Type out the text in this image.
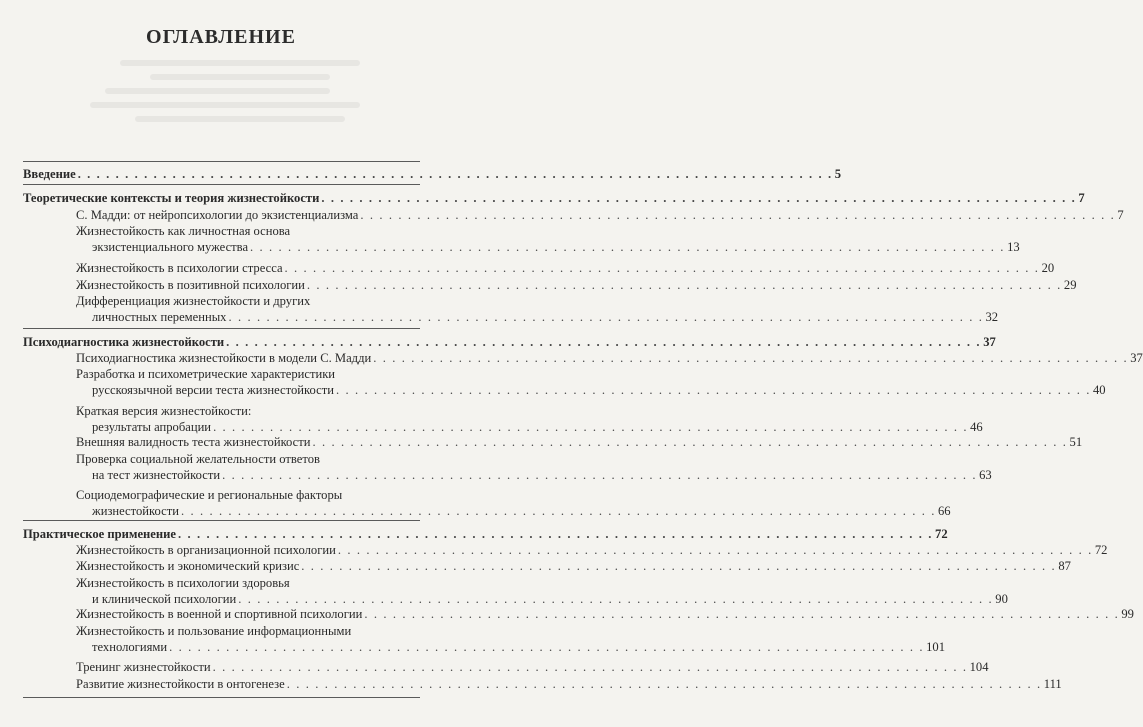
ОГЛАВЛЕНИЕ
Введение . . . . . . . . . . . . . . . . . . . . . . . . . . . . . . . . . . . . . . . . . . . . . . . . . . . . . . . . . . . . . . . . . . . . . . . . . . . . . . . . 5
Теоретические контексты и теория жизнестойкости . . . . . . . . . . . . . . . . . . . . . . . . . . . . . . . . . . . . . . . . . . . . . . . . . . . . . . . . . . . . . . . . . . . . . . . . . . . . . . . . 7
С. Мадди: от нейропсихологии до экзистенциализма . . . . . . . . . . . . . . . . . . . . . . . . . . . . . . . . . . . . . . . . . . . . . . . . . . . . . . . . . . . . . . . . . . . . . . . . . . . . . . . . 7
Жизнестойкость как личностная основа
экзистенциального мужества . . . . . . . . . . . . . . . . . . . . . . . . . . . . . . . . . . . . . . . . . . . . . . . . . . . . . . . . . . . . . . . . . . . . . . . . . . . . . . . . 13
Жизнестойкость в психологии стресса . . . . . . . . . . . . . . . . . . . . . . . . . . . . . . . . . . . . . . . . . . . . . . . . . . . . . . . . . . . . . . . . . . . . . . . . . . . . . . . . 20
Жизнестойкость в позитивной психологии . . . . . . . . . . . . . . . . . . . . . . . . . . . . . . . . . . . . . . . . . . . . . . . . . . . . . . . . . . . . . . . . . . . . . . . . . . . . . . . . 29
Дифференциация жизнестойкости и других
личностных переменных . . . . . . . . . . . . . . . . . . . . . . . . . . . . . . . . . . . . . . . . . . . . . . . . . . . . . . . . . . . . . . . . . . . . . . . . . . . . . . . . 32
Психодиагностика жизнестойкости . . . . . . . . . . . . . . . . . . . . . . . . . . . . . . . . . . . . . . . . . . . . . . . . . . . . . . . . . . . . . . . . . . . . . . . . . . . . . . . . 37
Психодиагностика жизнестойкости в модели С. Мадди . . . . . . . . . . . . . . . . . . . . . . . . . . . . . . . . . . . . . . . . . . . . . . . . . . . . . . . . . . . . . . . . . . . . . . . . . . . . . . . . 37
Разработка и психометрические характеристики
русскоязычной версии теста жизнестойкости . . . . . . . . . . . . . . . . . . . . . . . . . . . . . . . . . . . . . . . . . . . . . . . . . . . . . . . . . . . . . . . . . . . . . . . . . . . . . . . . 40
Краткая версия жизнестойкости:
результаты апробации . . . . . . . . . . . . . . . . . . . . . . . . . . . . . . . . . . . . . . . . . . . . . . . . . . . . . . . . . . . . . . . . . . . . . . . . . . . . . . . . 46
Внешняя валидность теста жизнестойкости . . . . . . . . . . . . . . . . . . . . . . . . . . . . . . . . . . . . . . . . . . . . . . . . . . . . . . . . . . . . . . . . . . . . . . . . . . . . . . . . 51
Проверка социальной желательности ответов
на тест жизнестойкости . . . . . . . . . . . . . . . . . . . . . . . . . . . . . . . . . . . . . . . . . . . . . . . . . . . . . . . . . . . . . . . . . . . . . . . . . . . . . . . . 63
Социодемографические и региональные факторы
жизнестойкости . . . . . . . . . . . . . . . . . . . . . . . . . . . . . . . . . . . . . . . . . . . . . . . . . . . . . . . . . . . . . . . . . . . . . . . . . . . . . . . . 66
Практическое применение . . . . . . . . . . . . . . . . . . . . . . . . . . . . . . . . . . . . . . . . . . . . . . . . . . . . . . . . . . . . . . . . . . . . . . . . . . . . . . . . 72
Жизнестойкость в организационной психологии . . . . . . . . . . . . . . . . . . . . . . . . . . . . . . . . . . . . . . . . . . . . . . . . . . . . . . . . . . . . . . . . . . . . . . . . . . . . . . . . 72
Жизнестойкость и экономический кризис . . . . . . . . . . . . . . . . . . . . . . . . . . . . . . . . . . . . . . . . . . . . . . . . . . . . . . . . . . . . . . . . . . . . . . . . . . . . . . . . 87
Жизнестойкость в психологии здоровья
и клинической психологии . . . . . . . . . . . . . . . . . . . . . . . . . . . . . . . . . . . . . . . . . . . . . . . . . . . . . . . . . . . . . . . . . . . . . . . . . . . . . . . . 90
Жизнестойкость в военной и спортивной психологии . . . . . . . . . . . . . . . . . . . . . . . . . . . . . . . . . . . . . . . . . . . . . . . . . . . . . . . . . . . . . . . . . . . . . . . . . . . . . . . . 99
Жизнестойкость и пользование информационными
технологиями . . . . . . . . . . . . . . . . . . . . . . . . . . . . . . . . . . . . . . . . . . . . . . . . . . . . . . . . . . . . . . . . . . . . . . . . . . . . . . . . 101
Тренинг жизнестойкости . . . . . . . . . . . . . . . . . . . . . . . . . . . . . . . . . . . . . . . . . . . . . . . . . . . . . . . . . . . . . . . . . . . . . . . . . . . . . . . . 104
Развитие жизнестойкости в онтогенезе . . . . . . . . . . . . . . . . . . . . . . . . . . . . . . . . . . . . . . . . . . . . . . . . . . . . . . . . . . . . . . . . . . . . . . . . . . . . . . . . 111
